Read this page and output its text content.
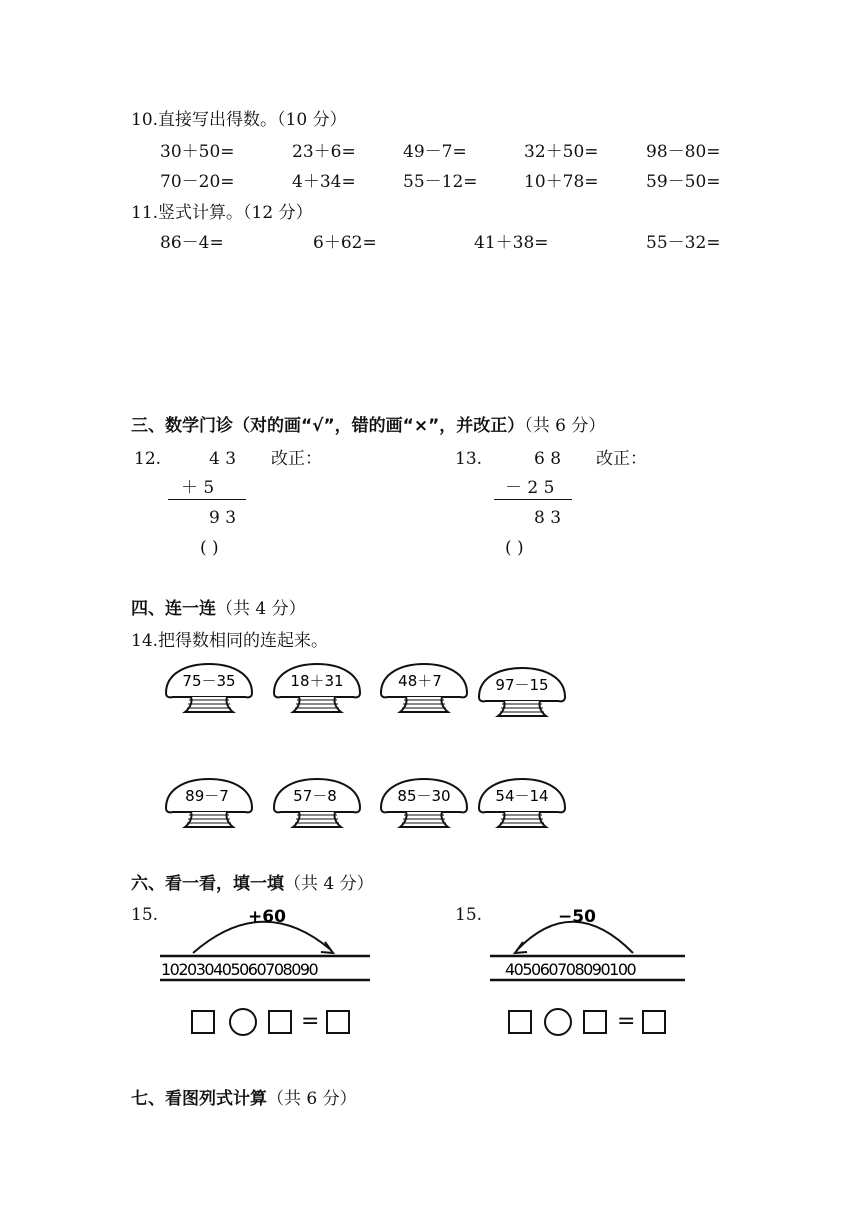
10.直接写出得数。（10 分）
30＋50=	23＋6=	49－7=	32＋50=	98－80=
70－20=	4＋34=	55－12=	10＋78=	59－50=
11.竖式计算。（12 分）
86－4=	6＋62=	41＋38=	55－32=
三、数学门诊（对的画“√”，错的画“×”，并改正）（共 6 分）
12.	4 3 改正：
＋ 5
9 3
( )
13.	6 8 改正：
－ 2 5
8 3
( )
四、连一连（共 4 分）
14.把得数相同的连起来。
75－35	18＋31	48＋7	97－15
89－7	57－8	85－30	54－14
六、看一看，填一填（共 4 分）
15.
102030405060708090
+60
=
15.
405060708090100
−50
=
七、看图列式计算（共 6 分）
